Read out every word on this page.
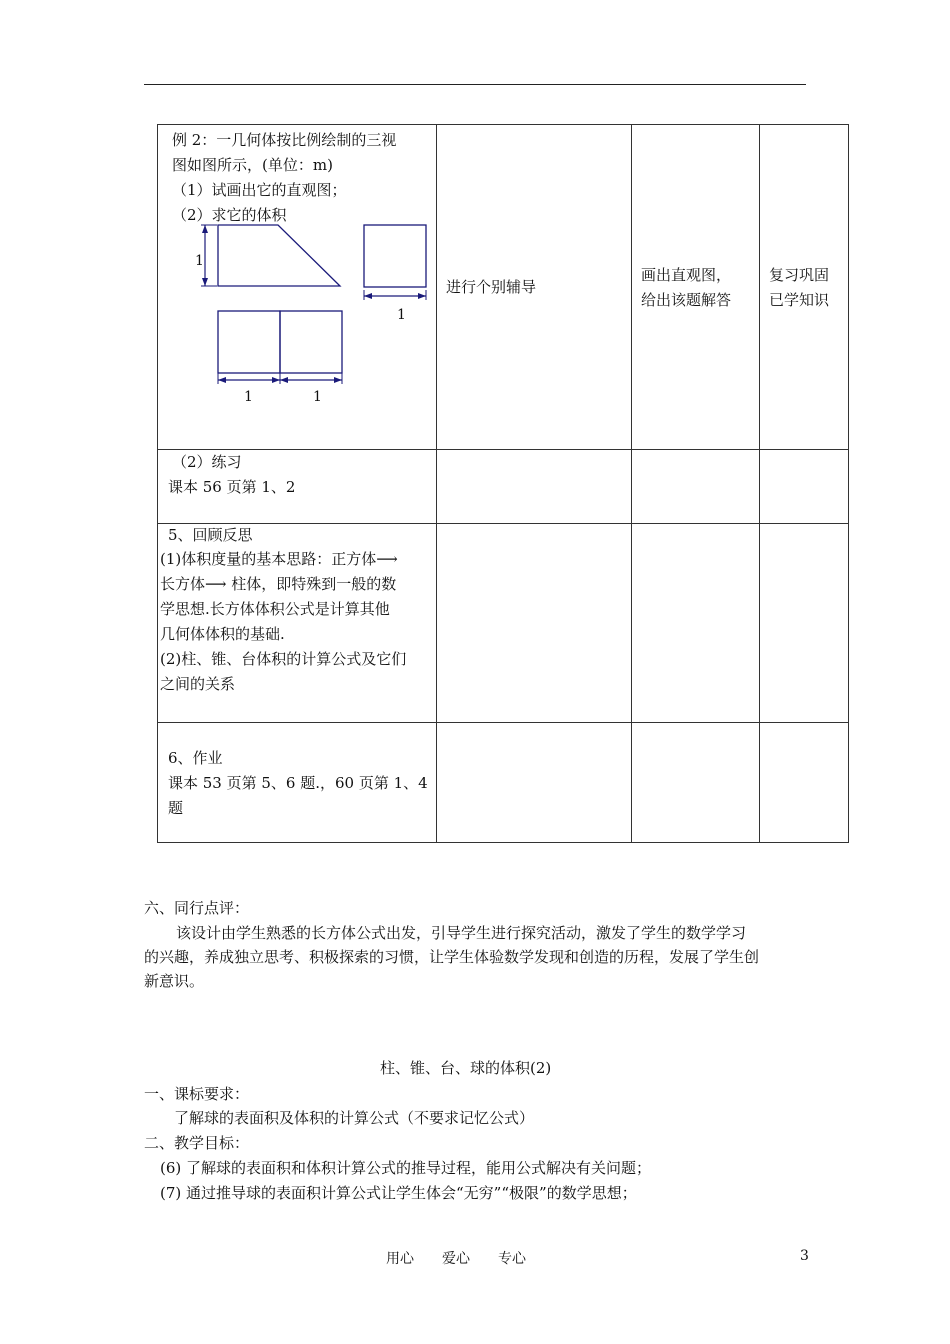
例 2：一几何体按比例绘制的三视
图如图所示，(单位：m)
（1）试画出它的直观图；
（2）求它的体积
1
1
1	1
进行个别辅导
画出直观图，
给出该题解答
复习巩固
已学知识
（2）练习
课本 56 页第 1、2
5、回顾反思
(1)体积度量的基本思路：正方体⟶
长方体⟶ 柱体，即特殊到一般的数
学思想.长方体体积公式是计算其他
几何体体积的基础.
(2)柱、锥、台体积的计算公式及它们
之间的关系
6、作业
课本 53 页第 5、6 题.，60 页第 1、4
题
六、同行点评：
该设计由学生熟悉的长方体公式出发，引导学生进行探究活动，激发了学生的数学学习
的兴趣，养成独立思考、积极探索的习惯，让学生体验数学发现和创造的历程，发展了学生创
新意识。
柱、锥、台、球的体积(2)
一、课标要求：
了解球的表面积及体积的计算公式（不要求记忆公式）
二、教学目标：
(6) 了解球的表面积和体积计算公式的推导过程，能用公式解决有关问题；
(7) 通过推导球的表面积计算公式让学生体会“无穷”“极限”的数学思想；
用心　　爱心　　专心	3
